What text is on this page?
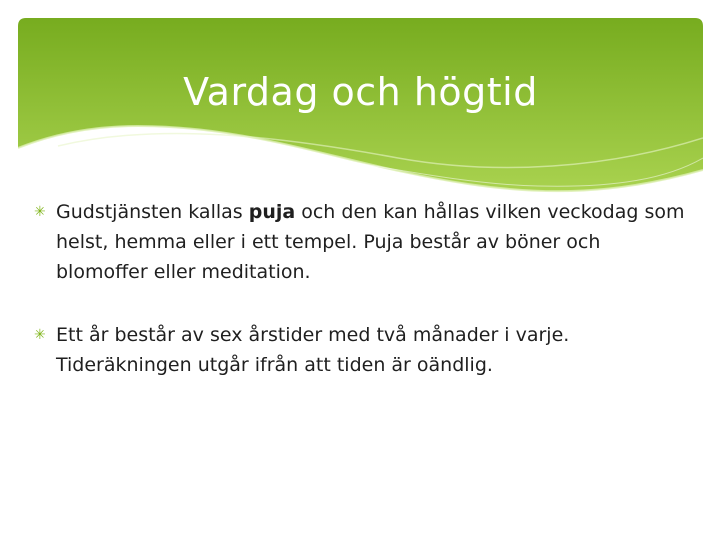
Vardag och högtid
✳ Gudstjänsten kallas puja och den kan hållas vilken veckodag som helst, hemma eller i ett tempel. Puja består av böner och blomoffer eller meditation.
✳ Ett år består av sex årstider med två månader i varje. Tideräkningen utgår ifrån att tiden är oändlig.
